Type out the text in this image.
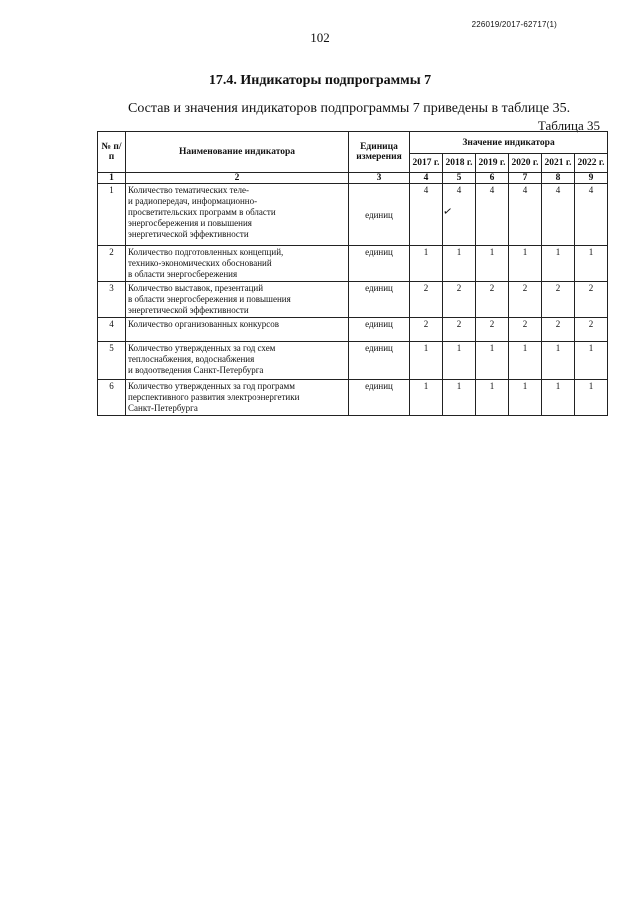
226019/2017-62717(1)
102
17.4. Индикаторы подпрограммы 7
Состав и значения индикаторов подпрограммы 7 приведены в таблице 35.
Таблица 35
№ п/п	Наименование индикатора	Единица измерения	Значение индикатора					
			2017 г.	2018 г.	2019 г.	2020 г.	2021 г.	2022 г.
1	2	3	4	5	6	7	8	9
1	Количество тематических теле-
и радиопередач, информационно-
просветительских программ в области
энергосбережения и повышения
энергетической эффективности	единиц	4	4	4	4	4	4
2	Количество подготовленных концепций,
технико-экономических обоснований
в области энергосбережения	единиц	1	1	1	1	1	1
3	Количество выставок, презентаций
в области энергосбережения и повышения
энергетической эффективности	единиц	2	2	2	2	2	2
4	Количество организованных конкурсов	единиц	2	2	2	2	2	2
5	Количество утвержденных за год схем
теплоснабжения, водоснабжения
и водоотведения Санкт-Петербурга	единиц	1	1	1	1	1	1
6	Количество утвержденных за год программ
перспективного развития электроэнергетики
Санкт-Петербурга	единиц	1	1	1	1	1	1
✓
